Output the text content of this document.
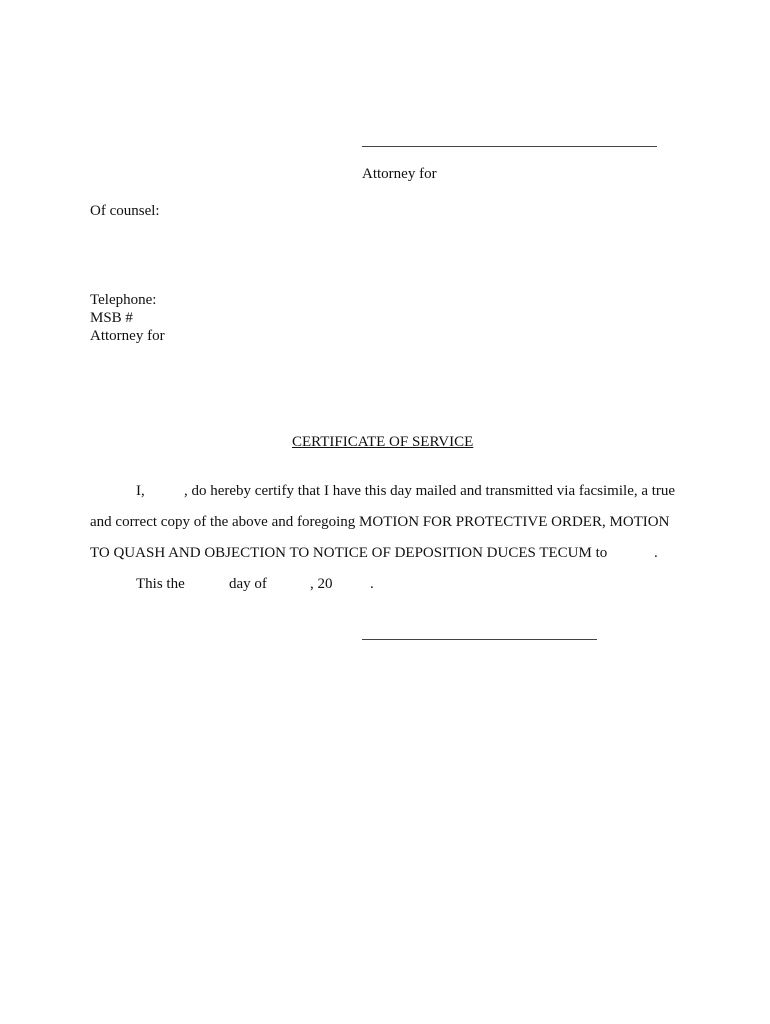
Attorney for
Of counsel:
Telephone:
MSB #
Attorney for
CERTIFICATE OF SERVICE
I,	, do hereby certify that I have this day mailed and transmitted via facsimile, a true
and correct copy of the above and foregoing MOTION FOR PROTECTIVE ORDER, MOTION
TO QUASH AND OBJECTION TO NOTICE OF DEPOSITION DUCES TECUM to	.
This the	day of	, 20	.
